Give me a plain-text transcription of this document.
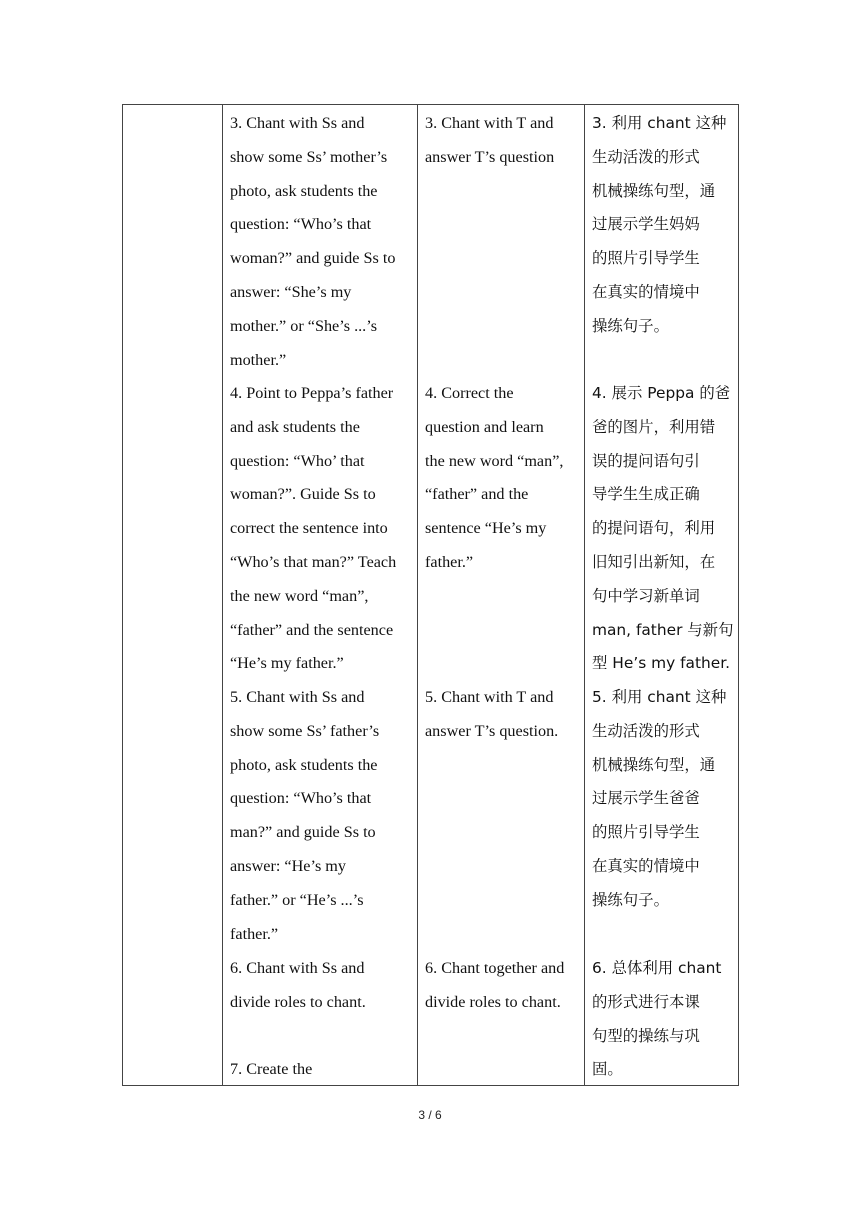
3. Chant with Ss and
show some Ss’ mother’s
photo, ask students the
question: “Who’s that
woman?” and guide Ss to
answer: “She’s my
mother.” or “She’s ...’s
mother.”
4. Point to Peppa’s father
and ask students the
question: “Who’ that
woman?”. Guide Ss to
correct the sentence into
“Who’s that man?” Teach
the new word “man”,
“father” and the sentence
“He’s my father.”
5. Chant with Ss and
show some Ss’ father’s
photo, ask students the
question: “Who’s that
man?” and guide Ss to
answer: “He’s my
father.” or “He’s ...’s
father.”
6. Chant with Ss and
divide roles to chant.
7. Create the
3. Chant with T and
answer T’s question
4. Correct the
question and learn
the new word “man”,
“father” and the
sentence “He’s my
father.”
5. Chant with T and
answer T’s question.
6. Chant together and
divide roles to chant.
3. 利用 chant 这种
生动活泼的形式
机械操练句型，通
过展示学生妈妈
的照片引导学生
在真实的情境中
操练句子。
4. 展示 Peppa 的爸
爸的图片，利用错
误的提问语句引
导学生生成正确
的提问语句，利用
旧知引出新知，在
句中学习新单词
man, father 与新句
型 He’s my father.
5. 利用 chant 这种
生动活泼的形式
机械操练句型，通
过展示学生爸爸
的照片引导学生
在真实的情境中
操练句子。
6. 总体利用 chant
的形式进行本课
句型的操练与巩
固。
3 / 6
